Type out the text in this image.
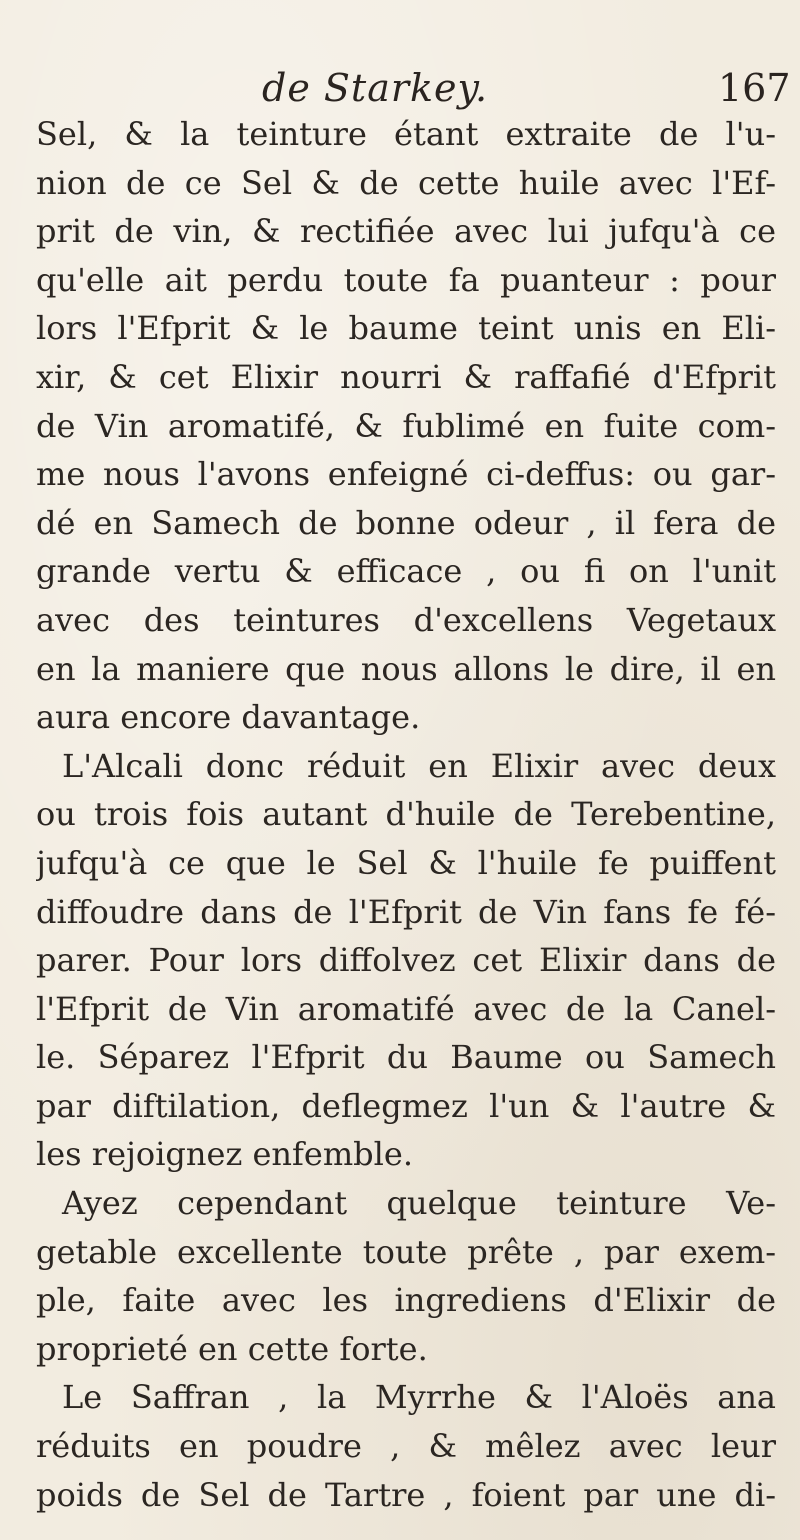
de Starkey.	167
Sel, & la teinture étant extraite de l'u-
nion de ce Sel & de cette huile avec l'Ef-
prit de vin, & rectifiée avec lui jufqu'à ce
qu'elle ait perdu toute fa puanteur : pour
lors l'Efprit & le baume teint unis en Eli-
xir, & cet Elixir nourri & raffafié d'Efprit
de Vin aromatifé, & fublimé en fuite com-
me nous l'avons enfeigné ci-deffus: ou gar-
dé en Samech de bonne odeur , il fera de
grande vertu & efficace , ou fi on l'unit
avec des teintures d'excellens Vegetaux
en la maniere que nous allons le dire, il en
aura encore davantage.
L'Alcali donc réduit en Elixir avec deux
ou trois fois autant d'huile de Terebentine,
jufqu'à ce que le Sel & l'huile fe puiffent
diffoudre dans de l'Efprit de Vin fans fe fé-
parer. Pour lors diffolvez cet Elixir dans de
l'Efprit de Vin aromatifé avec de la Canel-
le. Séparez l'Efprit du Baume ou Samech
par diftilation, deflegmez l'un & l'autre &
les rejoignez enfemble.
Ayez cependant quelque teinture Ve-
getable excellente toute prête , par exem-
ple, faite avec les ingrediens d'Elixir de
proprieté en cette forte.
Le Saffran , la Myrrhe & l'Aloës ana
réduits en poudre , & mêlez avec leur
poids de Sel de Tartre , foient par une di-
